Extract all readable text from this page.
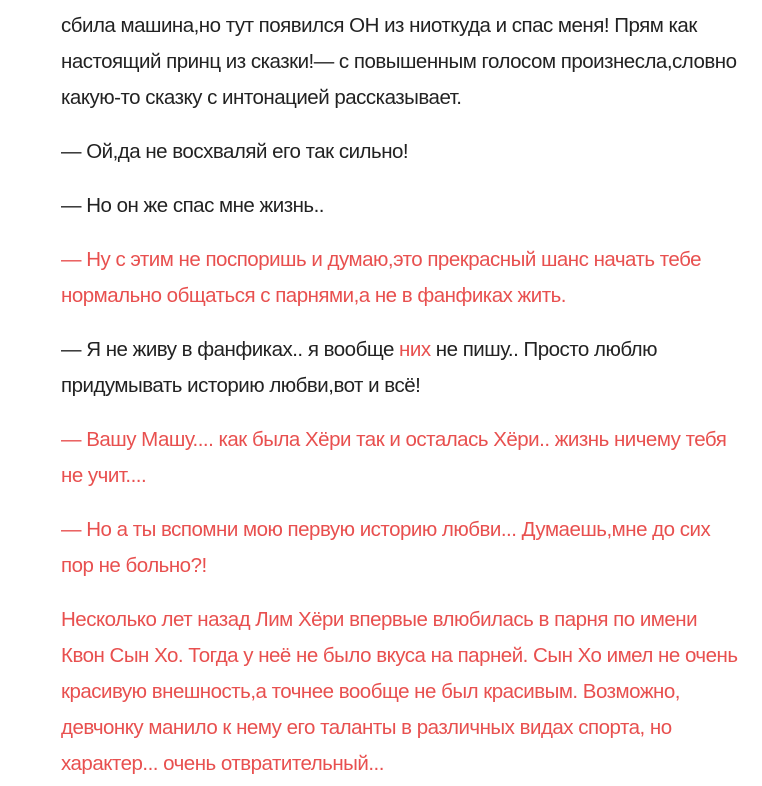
сбила машина,но тут появился ОН из ниоткуда и спас меня! Прям как настоящий принц из сказки!— с повышенным голосом произнесла,словно какую-то сказку с интонацией рассказывает.

— Ой,да не восхваляй его так сильно!

— Но он же спас мне жизнь..

— Ну с этим не поспоришь и думаю,это прекрасный шанс начать тебе нормально общаться с парнями,а не в фанфиках жить.

— Я не живу в фанфиках.. я вообще них не пишу.. Просто люблю придумывать историю любви,вот и всё!

— Вашу Машу.... как была Хёри так и осталась Хёри.. жизнь ничему тебя не учит....

— Но а ты вспомни мою первую историю любви... Думаешь,мне до сих пор не больно?!

Несколько лет назад Лим Хёри впервые влюбилась в парня по имени Квон Сын Хо. Тогда у неё не было вкуса на парней. Сын Хо имел не очень красивую внешность,а точнее вообще не был красивым. Возможно, девчонку манило к нему его таланты в различных видах спорта, но характер... очень отвратительный...
